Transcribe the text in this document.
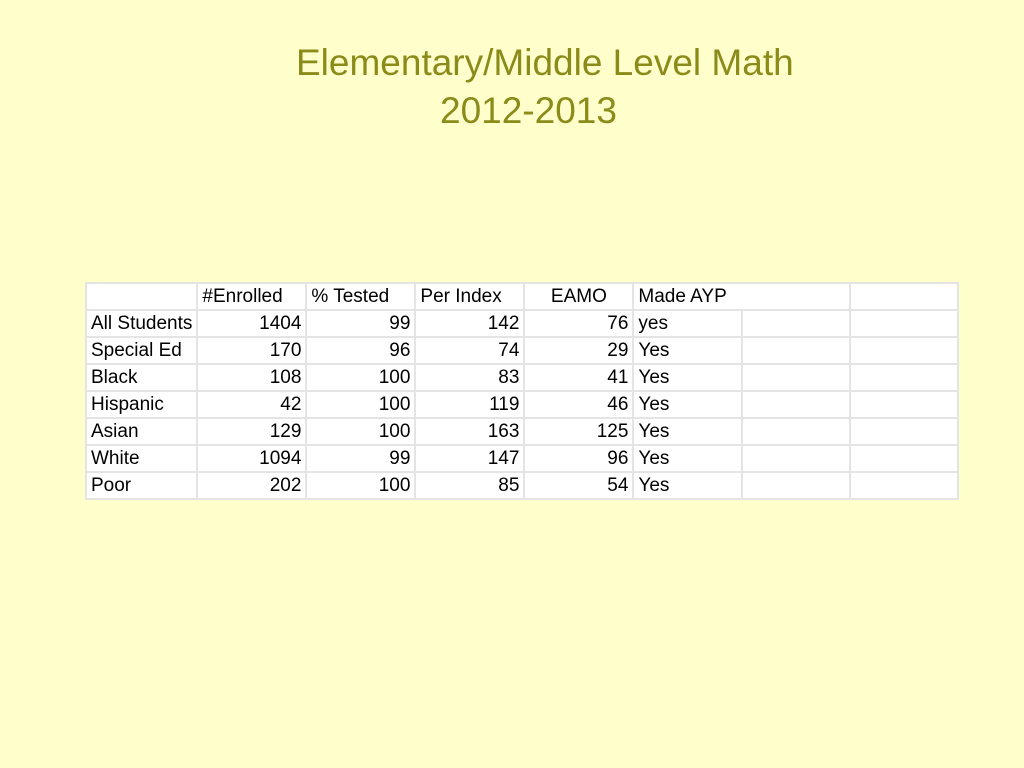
Elementary/Middle Level Math
2012-2013
	#Enrolled	% Tested	Per Index	EAMO	Made AYP		
All Students	1404	99	142	76	yes		
Special Ed	170	96	74	29	Yes		
Black	108	100	83	41	Yes		
Hispanic	42	100	119	46	Yes		
Asian	129	100	163	125	Yes		
White	1094	99	147	96	Yes		
Poor	202	100	85	54	Yes		
